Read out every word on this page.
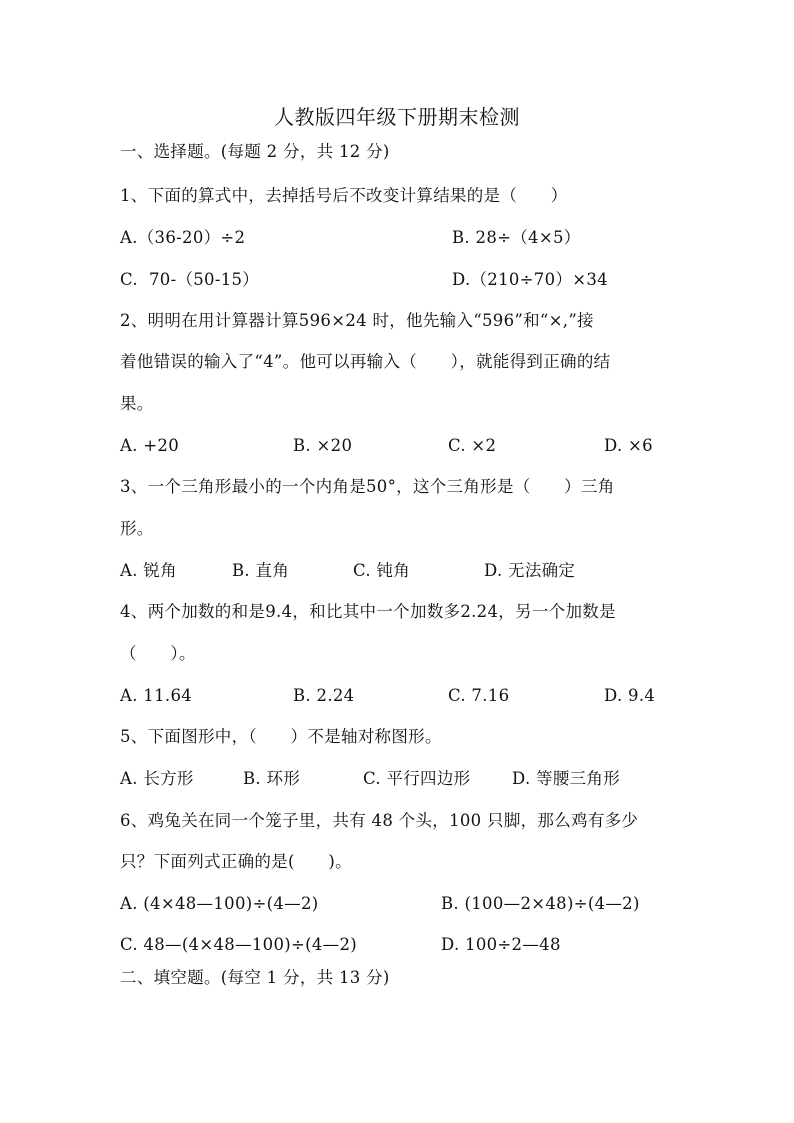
人教版四年级下册期末检测
一、选择题。(每题 2 分，共 12 分)
1、下面的算式中，去掉括号后不改变计算结果的是（　　）
A.（36-20）÷2	B. 28÷（4×5）
C.  70-（50-15）	D.（210÷70）×34
2、明明在用计算器计算596×24 时，他先输入“596”和“×,”接
着他错误的输入了“4”。他可以再输入（　　），就能得到正确的结
果。
A. +20	B. ×20	C. ×2	D. ×6
3、一个三角形最小的一个内角是50°，这个三角形是（　　）三角
形。
A. 锐角	B. 直角	C. 钝角	D. 无法确定
4、两个加数的和是9.4，和比其中一个加数多2.24，另一个加数是
（　　）。
A. 11.64	B. 2.24	C. 7.16	D. 9.4
5、下面图形中，（　　）不是轴对称图形。
A. 长方形	B. 环形	C. 平行四边形	D. 等腰三角形
6、鸡兔关在同一个笼子里，共有 48 个头，100 只脚，那么鸡有多少
只？下面列式正确的是(　　)。
A. (4×48—100)÷(4—2)	B. (100—2×48)÷(4—2)
C. 48—(4×48—100)÷(4—2)	D. 100÷2—48
二、填空题。(每空 1 分，共 13 分)
